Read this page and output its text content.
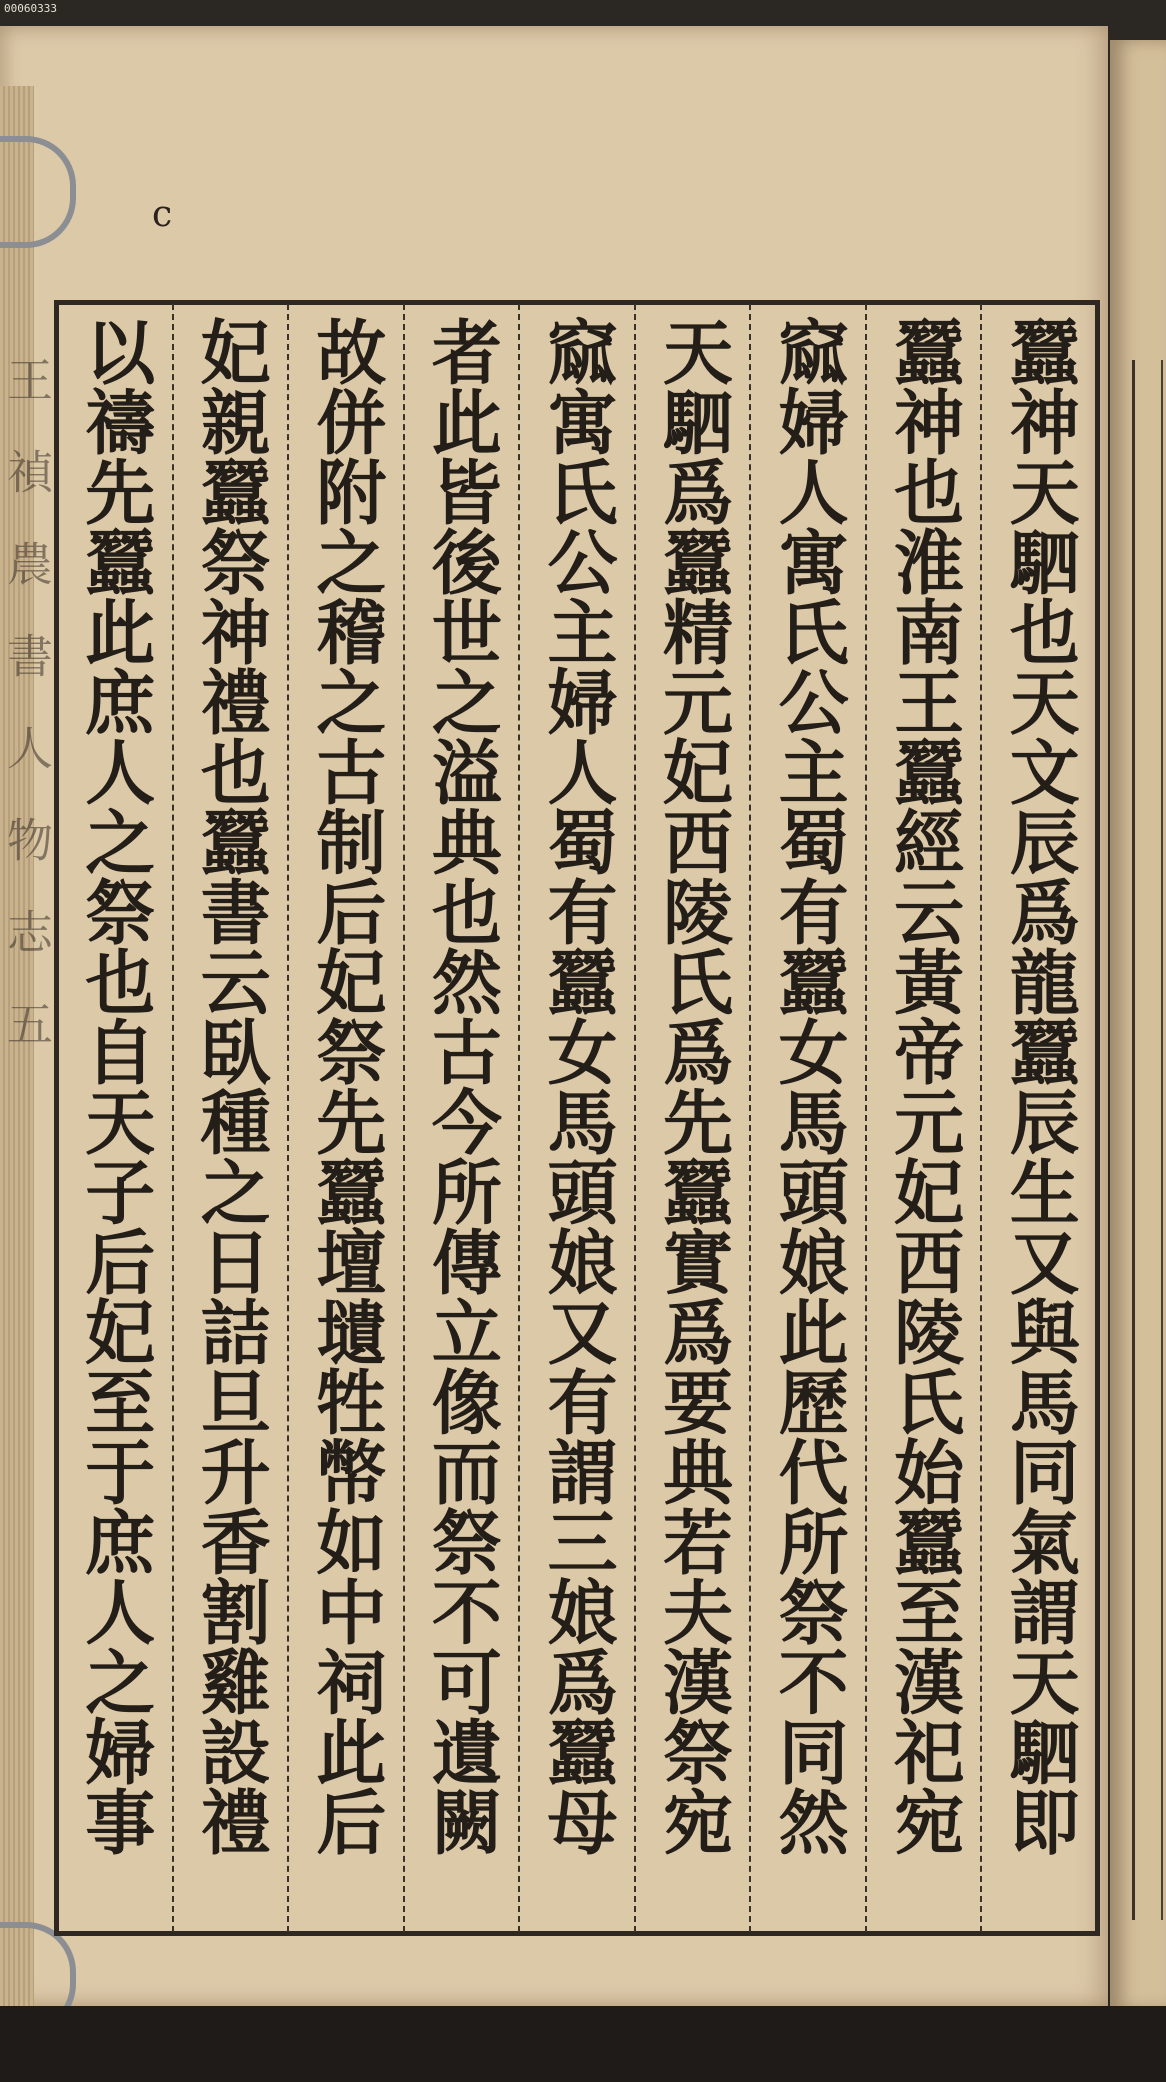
00060333
王
禎
農
書
人
物
志
五
c
蠶神天駟也天文辰爲龍蠶辰生又與馬同氣謂天駟即
蠶神也淮南王蠶經云黃帝元妃西陵氏始蠶至漢祀宛
窳婦人寓氏公主蜀有蠶女馬頭娘此歷代所祭不同然
天駟爲蠶精元妃西陵氏爲先蠶實爲要典若夫漢祭宛
窳寓氏公主婦人蜀有蠶女馬頭娘又有謂三娘爲蠶母
者此皆後世之溢典也然古今所傳立像而祭不可遺闕
故併附之稽之古制后妃祭先蠶壇壝牲幣如中祠此后
妃親蠶祭神禮也蠶書云臥種之日詰旦升香割雞設禮
以禱先蠶此庶人之祭也自天子后妃至于庶人之婦事
